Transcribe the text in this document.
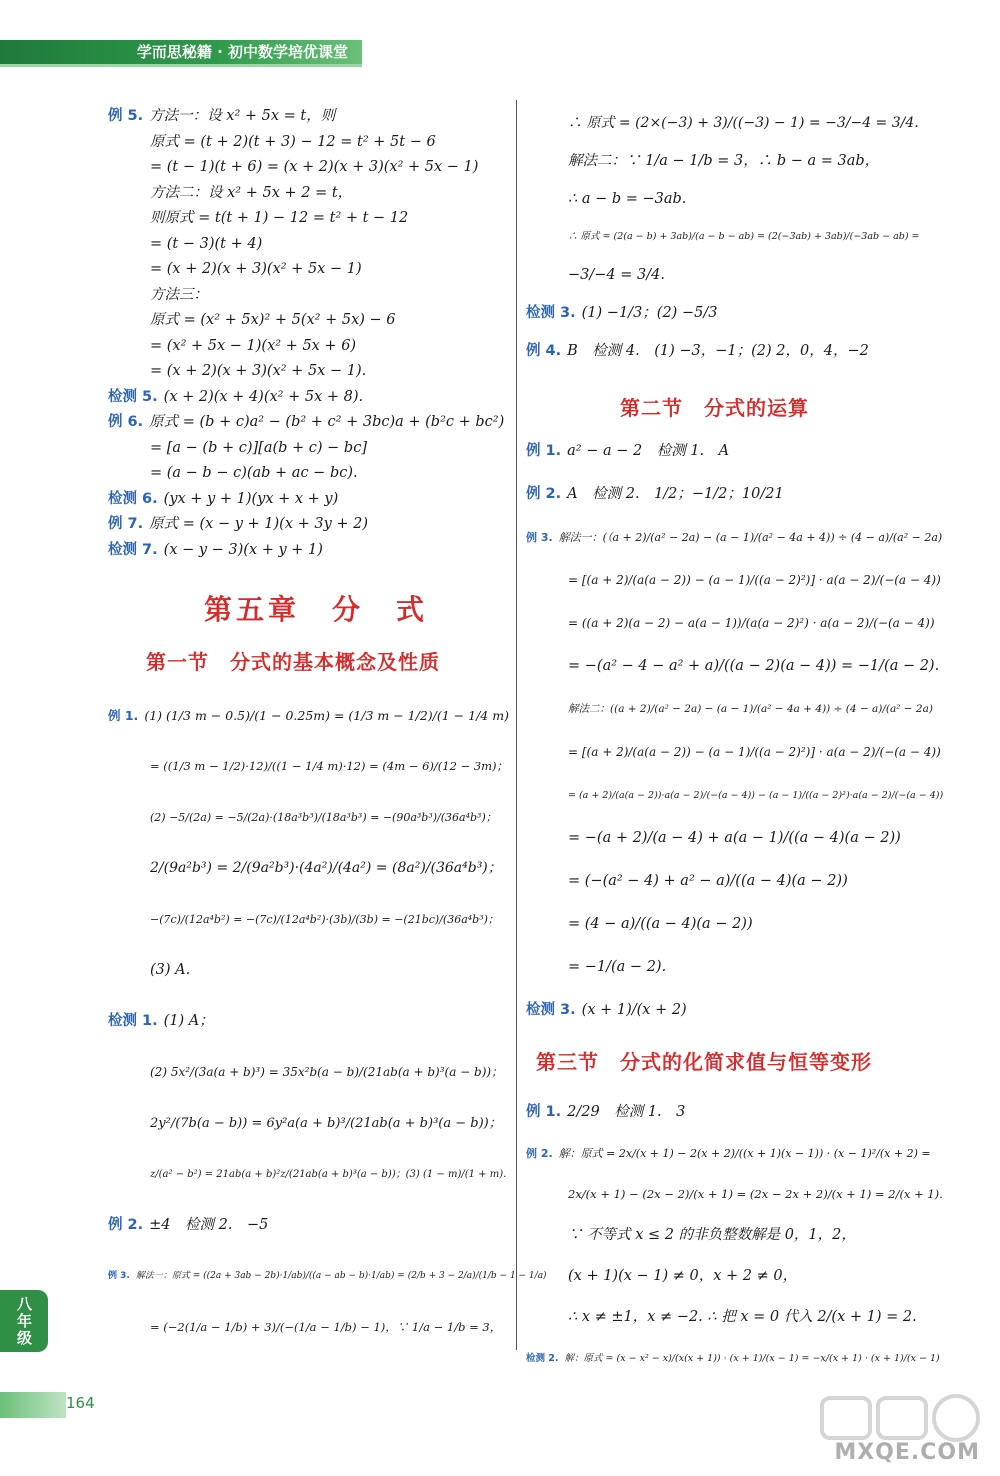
学而思秘籍 · 初中数学培优课堂
例 5. 方法一：设 x² + 5x = t，则
原式 = (t + 2)(t + 3) − 12 = t² + 5t − 6
= (t − 1)(t + 6) = (x + 2)(x + 3)(x² + 5x − 1)
方法二：设 x² + 5x + 2 = t，
则原式 = t(t + 1) − 12 = t² + t − 12
= (t − 3)(t + 4)
= (x + 2)(x + 3)(x² + 5x − 1)
方法三：
原式 = (x² + 5x)² + 5(x² + 5x) − 6
= (x² + 5x − 1)(x² + 5x + 6)
= (x + 2)(x + 3)(x² + 5x − 1).
检测 5. (x + 2)(x + 4)(x² + 5x + 8).
例 6. 原式 = (b + c)a² − (b² + c² + 3bc)a + (b²c + bc²)
= [a − (b + c)][a(b + c) − bc]
= (a − b − c)(ab + ac − bc).
检测 6. (yx + y + 1)(yx + x + y)
例 7. 原式 = (x − y + 1)(x + 3y + 2)
检测 7. (x − y − 3)(x + y + 1)
第五章　分　式
第一节　分式的基本概念及性质
例 1. (1) (1/3 m − 0.5)/(1 − 0.25m) = (1/3 m − 1/2)/(1 − 1/4 m)
= ((1/3 m − 1/2)·12)/((1 − 1/4 m)·12) = (4m − 6)/(12 − 3m)；
(2) −5/(2a) = −5/(2a)·(18a³b³)/(18a³b³) = −(90a³b³)/(36a⁴b³)；
2/(9a²b³) = 2/(9a²b³)·(4a²)/(4a²) = (8a²)/(36a⁴b³)；
−(7c)/(12a⁴b²) = −(7c)/(12a⁴b²)·(3b)/(3b) = −(21bc)/(36a⁴b³)；
(3) A.
检测 1. (1) A；
(2) 5x²/(3a(a + b)³) = 35x²b(a − b)/(21ab(a + b)³(a − b))；
2y²/(7b(a − b)) = 6y²a(a + b)³/(21ab(a + b)³(a − b))；
z/(a² − b²) = 21ab(a + b)²z/(21ab(a + b)³(a − b))；(3) (1 − m)/(1 + m).
例 2. ±4　检测 2.　−5
例 3. 解法一：原式 = ((2a + 3ab − 2b)·1/ab)/((a − ab − b)·1/ab) = (2/b + 3 − 2/a)/(1/b − 1 − 1/a)
= (−2(1/a − 1/b) + 3)/(−(1/a − 1/b) − 1)，∵ 1/a − 1/b = 3，
∴ 原式 = (2×(−3) + 3)/((−3) − 1) = −3/−4 = 3/4.
解法二：∵ 1/a − 1/b = 3，∴ b − a = 3ab，
∴ a − b = −3ab.
∴ 原式 = (2(a − b) + 3ab)/(a − b − ab) = (2(−3ab) + 3ab)/(−3ab − ab) =
−3/−4 = 3/4.
检测 3. (1) −1/3；(2) −5/3
例 4. B　检测 4.　(1) −3，−1；(2) 2，0，4，−2
第二节　分式的运算
例 1. a² − a − 2　检测 1.　A
例 2. A　检测 2.　1/2；−1/2；10/21
例 3. 解法一：(（a + 2)/(a² − 2a) − (a − 1)/(a² − 4a + 4)) ÷ (4 − a)/(a² − 2a)
= [(a + 2)/(a(a − 2)) − (a − 1)/((a − 2)²)] · a(a − 2)/(−(a − 4))
= ((a + 2)(a − 2) − a(a − 1))/(a(a − 2)²) · a(a − 2)/(−(a − 4))
= −(a² − 4 − a² + a)/((a − 2)(a − 4)) = −1/(a − 2).
解法二：((a + 2)/(a² − 2a) − (a − 1)/(a² − 4a + 4)) ÷ (4 − a)/(a² − 2a)
= [(a + 2)/(a(a − 2)) − (a − 1)/((a − 2)²)] · a(a − 2)/(−(a − 4))
= (a + 2)/(a(a − 2))·a(a − 2)/(−(a − 4)) − (a − 1)/((a − 2)²)·a(a − 2)/(−(a − 4))
= −(a + 2)/(a − 4) + a(a − 1)/((a − 4)(a − 2))
= (−(a² − 4) + a² − a)/((a − 4)(a − 2))
= (4 − a)/((a − 4)(a − 2))
= −1/(a − 2).
检测 3. (x + 1)/(x + 2)
第三节　分式的化简求值与恒等变形
例 1. 2/29　检测 1.　3
例 2. 解：原式 = 2x/(x + 1) − 2(x + 2)/((x + 1)(x − 1)) · (x − 1)²/(x + 2) =
2x/(x + 1) − (2x − 2)/(x + 1) = (2x − 2x + 2)/(x + 1) = 2/(x + 1).
∵ 不等式 x ≤ 2 的非负整数解是 0，1，2，
(x + 1)(x − 1) ≠ 0，x + 2 ≠ 0，
∴ x ≠ ±1，x ≠ −2. ∴ 把 x = 0 代入 2/(x + 1) = 2.
检测 2. 解：原式 = (x − x² − x)/(x(x + 1)) · (x + 1)/(x − 1) = −x/(x + 1) · (x + 1)/(x − 1)
八年级
164
MXQE.COM
